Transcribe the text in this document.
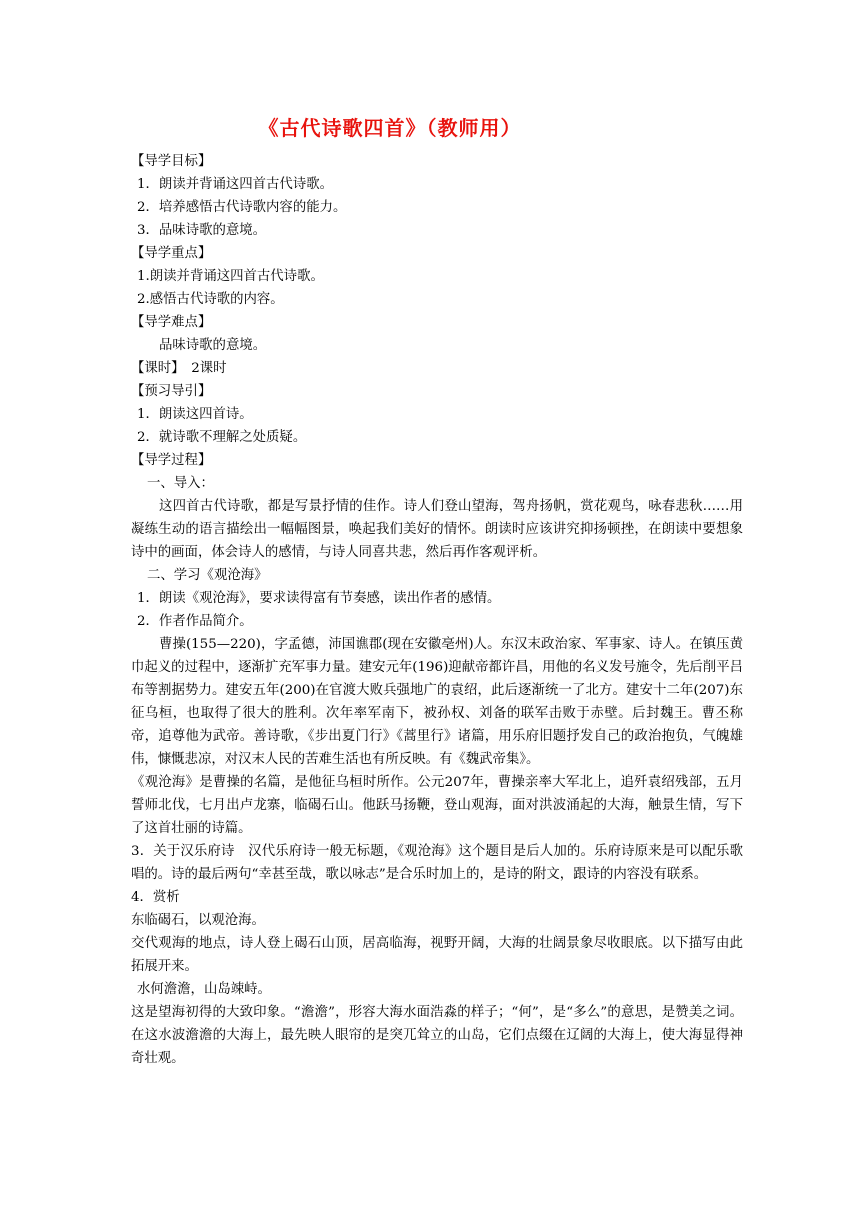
《古代诗歌四首》（教师用）
【导学目标】
1．朗读并背诵这四首古代诗歌。
2．培养感悟古代诗歌内容的能力。
3．品味诗歌的意境。
【导学重点】
1.朗读并背诵这四首古代诗歌。
2.感悟古代诗歌的内容。
【导学难点】
品味诗歌的意境。
【课时】　2课时
【预习导引】
1．朗读这四首诗。
2．就诗歌不理解之处质疑。
【导学过程】
一、导入：
这四首古代诗歌，都是写景抒情的佳作。诗人们登山望海，驾舟扬帆，赏花观鸟，咏春悲秋……用凝练生动的语言描绘出一幅幅图景，唤起我们美好的情怀。朗读时应该讲究抑扬顿挫，在朗读中要想象诗中的画面，体会诗人的感情，与诗人同喜共悲，然后再作客观评析。
二、学习《观沧海》
1．朗读《观沧海》，要求读得富有节奏感，读出作者的感情。
2．作者作品简介。
曹操(155—220)，字孟德，沛国谯郡(现在安徽亳州)人。东汉末政治家、军事家、诗人。在镇压黄巾起义的过程中，逐渐扩充军事力量。建安元年(196)迎献帝都许昌，用他的名义发号施令，先后削平吕布等割据势力。建安五年(200)在官渡大败兵强地广的袁绍，此后逐渐统一了北方。建安十二年(207)东征乌桓，也取得了很大的胜利。次年率军南下，被孙权、刘备的联军击败于赤壁。后封魏王。曹丕称帝，追尊他为武帝。善诗歌，《步出夏门行》《蒿里行》诸篇，用乐府旧题抒发自己的政治抱负，气魄雄伟，慷慨悲凉，对汉末人民的苦难生活也有所反映。有《魏武帝集》。
《观沧海》是曹操的名篇，是他征乌桓时所作。公元207年，曹操亲率大军北上，追歼袁绍残部，五月誓师北伐，七月出卢龙寨，临碣石山。他跃马扬鞭，登山观海，面对洪波涌起的大海，触景生情，写下了这首壮丽的诗篇。
3．关于汉乐府诗　汉代乐府诗一般无标题，《观沧海》这个题目是后人加的。乐府诗原来是可以配乐歌唱的。诗的最后两句“幸甚至哉，歌以咏志”是合乐时加上的，是诗的附文，跟诗的内容没有联系。
4．赏析
东临碣石，以观沧海。
交代观海的地点，诗人登上碣石山顶，居高临海，视野开阔，大海的壮阔景象尽收眼底。以下描写由此拓展开来。
水何澹澹，山岛竦峙。
这是望海初得的大致印象。“澹澹”，形容大海水面浩淼的样子；“何”，是“多么”的意思，是赞美之词。在这水波澹澹的大海上，最先映人眼帘的是突兀耸立的山岛，它们点缀在辽阔的大海上，使大海显得神奇壮观。
